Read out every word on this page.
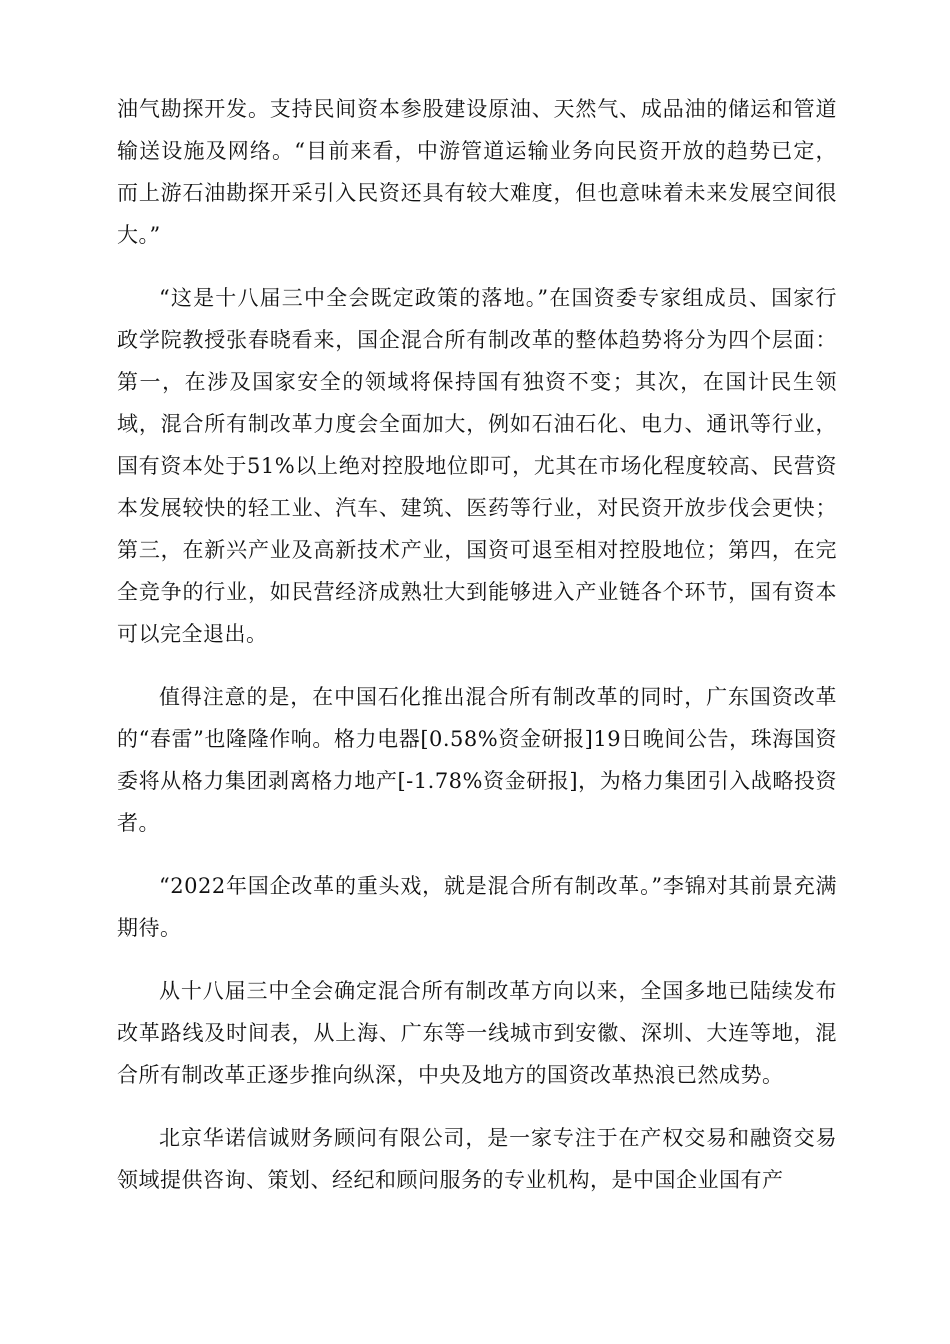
油气勘探开发。支持民间资本参股建设原油、天然气、成品油的储运和管道输送设施及网络。“目前来看，中游管道运输业务向民资开放的趋势已定，而上游石油勘探开采引入民资还具有较大难度，但也意味着未来发展空间很大。”

“这是十八届三中全会既定政策的落地。”在国资委专家组成员、国家行政学院教授张春晓看来，国企混合所有制改革的整体趋势将分为四个层面：第一，在涉及国家安全的领域将保持国有独资不变；其次，在国计民生领域，混合所有制改革力度会全面加大，例如石油石化、电力、通讯等行业，国有资本处于51%以上绝对控股地位即可，尤其在市场化程度较高、民营资本发展较快的轻工业、汽车、建筑、医药等行业，对民资开放步伐会更快；第三，在新兴产业及高新技术产业，国资可退至相对控股地位；第四，在完全竞争的行业，如民营经济成熟壮大到能够进入产业链各个环节，国有资本可以完全退出。

值得注意的是，在中国石化推出混合所有制改革的同时，广东国资改革的“春雷”也隆隆作响。格力电器[0.58%资金研报]19日晚间公告，珠海国资委将从格力集团剥离格力地产[-1.78%资金研报]，为格力集团引入战略投资者。

“2022年国企改革的重头戏，就是混合所有制改革。”李锦对其前景充满期待。

从十八届三中全会确定混合所有制改革方向以来，全国多地已陆续发布改革路线及时间表，从上海、广东等一线城市到安徽、深圳、大连等地，混合所有制改革正逐步推向纵深，中央及地方的国资改革热浪已然成势。

北京华诺信诚财务顾问有限公司，是一家专注于在产权交易和融资交易领域提供咨询、策划、经纪和顾问服务的专业机构，是中国企业国有产
